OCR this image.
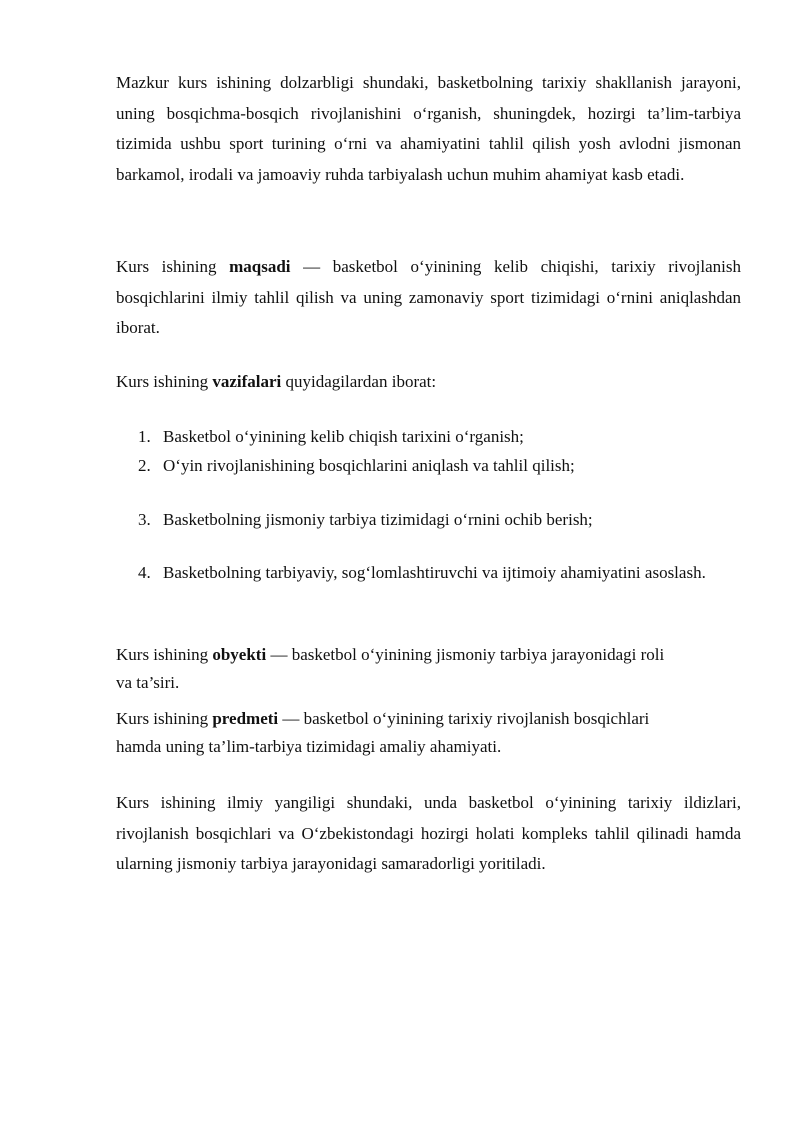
Mazkur kurs ishining dolzarbligi shundaki, basketbolning tarixiy shakllanish jarayoni, uning bosqichma-bosqich rivojlanishini o‘rganish, shuningdek, hozirgi ta’lim-tarbiya tizimida ushbu sport turining o‘rni va ahamiyatini tahlil qilish yosh avlodni jismonan barkamol, irodali va jamoaviy ruhda tarbiyalash uchun muhim ahamiyat kasb etadi.

Kurs ishining maqsadi — basketbol o‘yinining kelib chiqishi, tarixiy rivojlanish bosqichlarini ilmiy tahlil qilish va uning zamonaviy sport tizimidagi o‘rnini aniqlashdan iborat.

Kurs ishining vazifalari quyidagilardan iborat:

1. Basketbol o‘yinining kelib chiqish tarixini o‘rganish;
2. O‘yin rivojlanishining bosqichlarini aniqlash va tahlil qilish;
3. Basketbolning jismoniy tarbiya tizimidagi o‘rnini ochib berish;
4. Basketbolning tarbiyaviy, sog‘lomlashtiruvchi va ijtimoiy ahamiyatini asoslash.
Kurs ishining obyekti — basketbol o‘yinining jismoniy tarbiya jarayonidagi roli
va ta’siri.
Kurs ishining predmeti — basketbol o‘yinining tarixiy rivojlanish bosqichlari
hamda uning ta’lim-tarbiya tizimidagi amaliy ahamiyati.

Kurs ishining ilmiy yangiligi shundaki, unda basketbol o‘yinining tarixiy ildizlari, rivojlanish bosqichlari va O‘zbekistondagi hozirgi holati kompleks tahlil qilinadi hamda ularning jismoniy tarbiya jarayonidagi samaradorligi yoritiladi.
